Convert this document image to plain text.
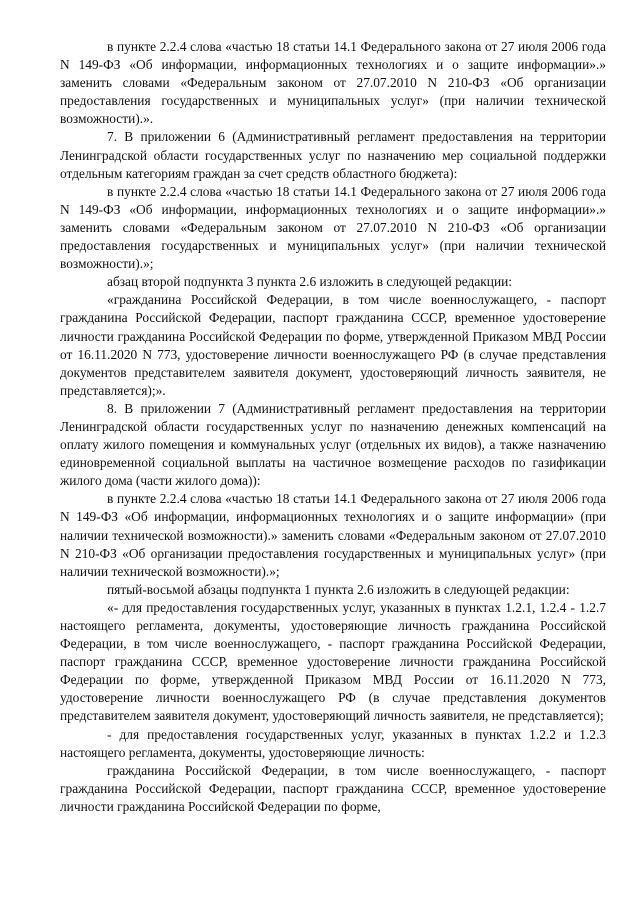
в пункте 2.2.4 слова «частью 18 статьи 14.1 Федерального закона от 27 июля 2006 года N 149-ФЗ «Об информации, информационных технологиях и о защите информации».» заменить словами «Федеральным законом от 27.07.2010 N 210-ФЗ «Об организации предоставления государственных и муниципальных услуг» (при наличии технической возможности).».

7. В приложении 6 (Административный регламент предоставления на территории Ленинградской области государственных услуг по назначению мер социальной поддержки отдельным категориям граждан за счет средств областного бюджета):

в пункте 2.2.4 слова «частью 18 статьи 14.1 Федерального закона от 27 июля 2006 года N 149-ФЗ «Об информации, информационных технологиях и о защите информации».» заменить словами «Федеральным законом от 27.07.2010 N 210-ФЗ «Об организации предоставления государственных и муниципальных услуг» (при наличии технической возможности).»;

абзац второй подпункта 3 пункта 2.6 изложить в следующей редакции:

«гражданина Российской Федерации, в том числе военнослужащего, - паспорт гражданина Российской Федерации, паспорт гражданина СССР, временное удостоверение личности гражданина Российской Федерации по форме, утвержденной Приказом МВД России от 16.11.2020 N 773, удостоверение личности военнослужащего РФ (в случае представления документов представителем заявителя документ, удостоверяющий личность заявителя, не представляется);».

8. В приложении 7 (Административный регламент предоставления на территории Ленинградской области государственных услуг по назначению денежных компенсаций на оплату жилого помещения и коммунальных услуг (отдельных их видов), а также назначению единовременной социальной выплаты на частичное возмещение расходов по газификации жилого дома (части жилого дома)):

в пункте 2.2.4 слова «частью 18 статьи 14.1 Федерального закона от 27 июля 2006 года N 149-ФЗ «Об информации, информационных технологиях и о защите информации» (при наличии технической возможности).» заменить словами «Федеральным законом от 27.07.2010 N 210-ФЗ «Об организации предоставления государственных и муниципальных услуг» (при наличии технической возможности).»;

пятый-восьмой абзацы подпункта 1 пункта 2.6 изложить в следующей редакции:

«- для предоставления государственных услуг, указанных в пунктах 1.2.1, 1.2.4 - 1.2.7 настоящего регламента, документы, удостоверяющие личность гражданина Российской Федерации, в том числе военнослужащего, - паспорт гражданина Российской Федерации, паспорт гражданина СССР, временное удостоверение личности гражданина Российской Федерации по форме, утвержденной Приказом МВД России от 16.11.2020 N 773, удостоверение личности военнослужащего РФ (в случае представления документов представителем заявителя документ, удостоверяющий личность заявителя, не представляется);

- для предоставления государственных услуг, указанных в пунктах 1.2.2 и 1.2.3 настоящего регламента, документы, удостоверяющие личность:

гражданина Российской Федерации, в том числе военнослужащего, - паспорт гражданина Российской Федерации, паспорт гражданина СССР, временное удостоверение личности гражданина Российской Федерации по форме,
